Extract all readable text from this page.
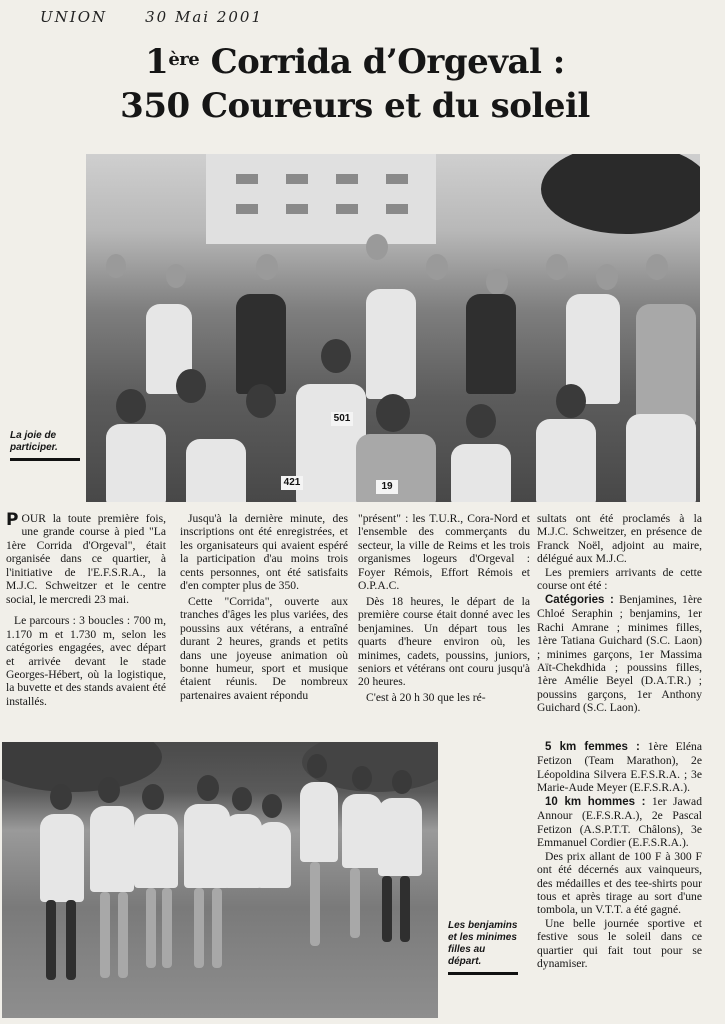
UNION	30 Mai 2001
1ère Corrida d’Orgeval :
350 Coureurs et du soleil
501
421	19
La joie de participer.

P OUR la toute première fois, une grande course à pied "La 1ère Corrida d'Orgeval", était organisée dans ce quartier, à l'initiative de l'E.F.S.R.A., la M.J.C. Schweitzer et le centre social, le mercredi 23 mai.

Le parcours : 3 boucles : 700 m, 1.170 m et 1.730 m, selon les catégories engagées, avec départ et arrivée devant le stade Georges-Hébert, où la logistique, la buvette et des stands avaient été installés.

Jusqu'à la dernière minute, des inscriptions ont été enregistrées, et les organisateurs qui avaient espéré la participation d'au moins trois cents personnes, ont été satisfaits d'en compter plus de 350.

Cette "Corrida", ouverte aux tranches d'âges les plus variées, des poussins aux vétérans, a entraîné durant 2 heures, grands et petits dans une joyeuse animation où bonne humeur, sport et musique étaient réunis. De nombreux partenaires avaient répondu

"présent" : les T.U.R., Cora-Nord et l'ensemble des commerçants du secteur, la ville de Reims et les trois organismes logeurs d'Orgeval : Foyer Rémois, Effort Rémois et O.P.A.C.

Dès 18 heures, le départ de la première course était donné avec les benjamines. Un départ tous les quarts d'heure environ où, les minimes, cadets, poussins, juniors, seniors et vétérans ont couru jusqu'à 20 heures.

C'est à 20 h 30 que les ré-

sultats ont été proclamés à la M.J.C. Schweitzer, en présence de Franck Noël, adjoint au maire, délégué aux M.J.C.

Les premiers arrivants de cette course ont été :

Catégories : Benjamines, 1ère Chloé Seraphin ; benjamins, 1er Rachi Amrane ; minimes filles, 1ère Tatiana Guichard (S.C. Laon) ; minimes garçons, 1er Massima Aït-Chekdhida ; poussins filles, 1ère Amélie Beyel (D.A.T.R.) ; poussins garçons, 1er Anthony Guichard (S.C. Laon).

5 km femmes : 1ère Eléna Fetizon (Team Marathon), 2e Léopoldina Silvera E.F.S.R.A. ; 3e Marie-Aude Meyer (E.F.S.R.A.).

10 km hommes : 1er Jawad Annour (E.F.S.R.A.), 2e Pascal Fetizon (A.S.P.T.T. Châlons), 3e Emmanuel Cordier (E.F.S.R.A.).

Des prix allant de 100 F à 300 F ont été décernés aux vainqueurs, des médailles et des tee-shirts pour tous et après tirage au sort d'une tombola, un V.T.T. a été gagné.

Une belle journée sportive et festive sous le soleil dans ce quartier qui fait tout pour se dynamiser.

Les benjamins et les minimes filles au départ.
